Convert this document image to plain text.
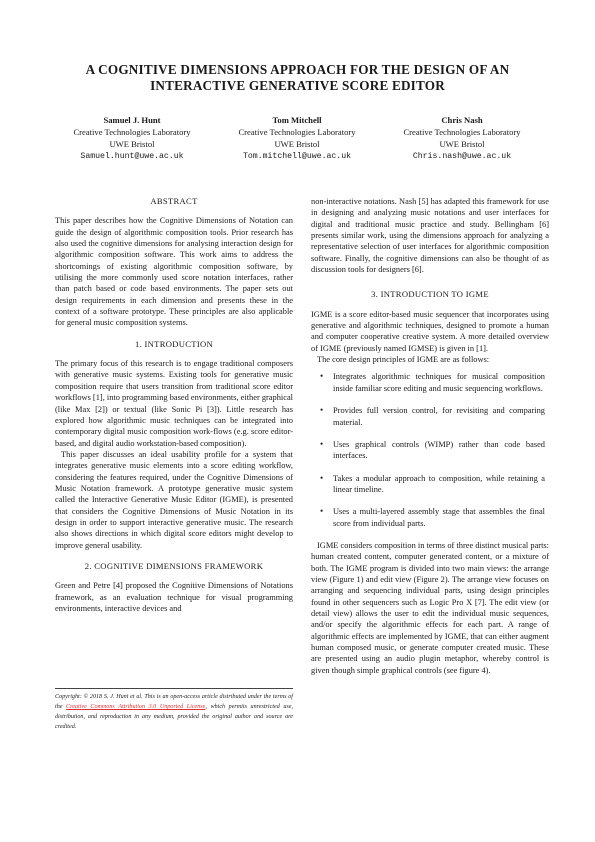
A COGNITIVE DIMENSIONS APPROACH FOR THE DESIGN OF AN
INTERACTIVE GENERATIVE SCORE EDITOR
Samuel J. Hunt
Creative Technologies Laboratory
UWE Bristol
Samuel.hunt@uwe.ac.uk
Tom Mitchell
Creative Technologies Laboratory
UWE Bristol
Tom.mitchell@uwe.ac.uk
Chris Nash
Creative Technologies Laboratory
UWE Bristol
Chris.nash@uwe.ac.uk
ABSTRACT

This paper describes how the Cognitive Dimensions of Notation can guide the design of algorithmic composition tools. Prior research has also used the cognitive dimensions for analysing interaction design for algorithmic composition software. This work aims to address the shortcomings of existing algorithmic composition software, by utilising the more commonly used score notation interfaces, rather than patch based or code based environments. The paper sets out design requirements in each dimension and presents these in the context of a software prototype. These principles are also applicable for general music composition systems.

1. INTRODUCTION

The primary focus of this research is to engage traditional composers with generative music systems. Existing tools for generative music composition require that users transition from traditional score editor workflows [1], into programming based environments, either graphical (like Max [2]) or textual (like Sonic Pi [3]). Little research has explored how algorithmic music techniques can be integrated into contemporary digital music composition work-flows (e.g. score editor-based, and digital audio workstation-based composition).

This paper discusses an ideal usability profile for a system that integrates generative music elements into a score editing workflow, considering the features required, under the Cognitive Dimensions of Music Notation framework. A prototype generative music system called the Interactive Generative Music Editor (IGME), is presented that considers the Cognitive Dimensions of Music Notation in its design in order to support interactive generative music. The research also shows directions in which digital score editors might develop to improve general usability.

2. COGNITIVE DIMENSIONS FRAMEWORK

Green and Petre [4] proposed the Cognitive Dimensions of Notations framework, as an evaluation technique for visual programming environments, interactive devices and

Copyright: © 2018 S. J. Hunt et al. This is an open-access article distributed under the terms of the Creative Commons Attribution 3.0 Unported License, which permits unrestricted use, distribution, and reproduction in any medium, provided the original author and source are credited.

non-interactive notations. Nash [5] has adapted this framework for use in designing and analyzing music notations and user interfaces for digital and traditional music practice and study. Bellingham [6] presents similar work, using the dimensions approach for analyzing a representative selection of user interfaces for algorithmic composition software. Finally, the cognitive dimensions can also be thought of as discussion tools for designers [6].

3. INTRODUCTION TO IGME

IGME is a score editor-based music sequencer that incorporates using generative and algorithmic techniques, designed to promote a human and computer cooperative creative system. A more detailed overview of IGME (previously named IGMSE) is given in [1].

The core design principles of IGME are as follows:

• Integrates algorithmic techniques for musical composition inside familiar score editing and music sequencing workflows.
• Provides full version control, for revisiting and comparing material.
• Uses graphical controls (WIMP) rather than code based interfaces.
• Takes a modular approach to composition, while retaining a linear timeline.
• Uses a multi-layered assembly stage that assembles the final score from individual parts.

IGME considers composition in terms of three distinct musical parts: human created content, computer generated content, or a mixture of both. The IGME program is divided into two main views: the arrange view (Figure 1) and edit view (Figure 2). The arrange view focuses on arranging and sequencing individual parts, using design principles found in other sequencers such as Logic Pro X [7]. The edit view (or detail view) allows the user to edit the individual music sequences, and/or specify the algorithmic effects for each part. A range of algorithmic effects are implemented by IGME, that can either augment human composed music, or generate computer created music. These are presented using an audio plugin metaphor, whereby control is given though simple graphical controls (see figure 4).
